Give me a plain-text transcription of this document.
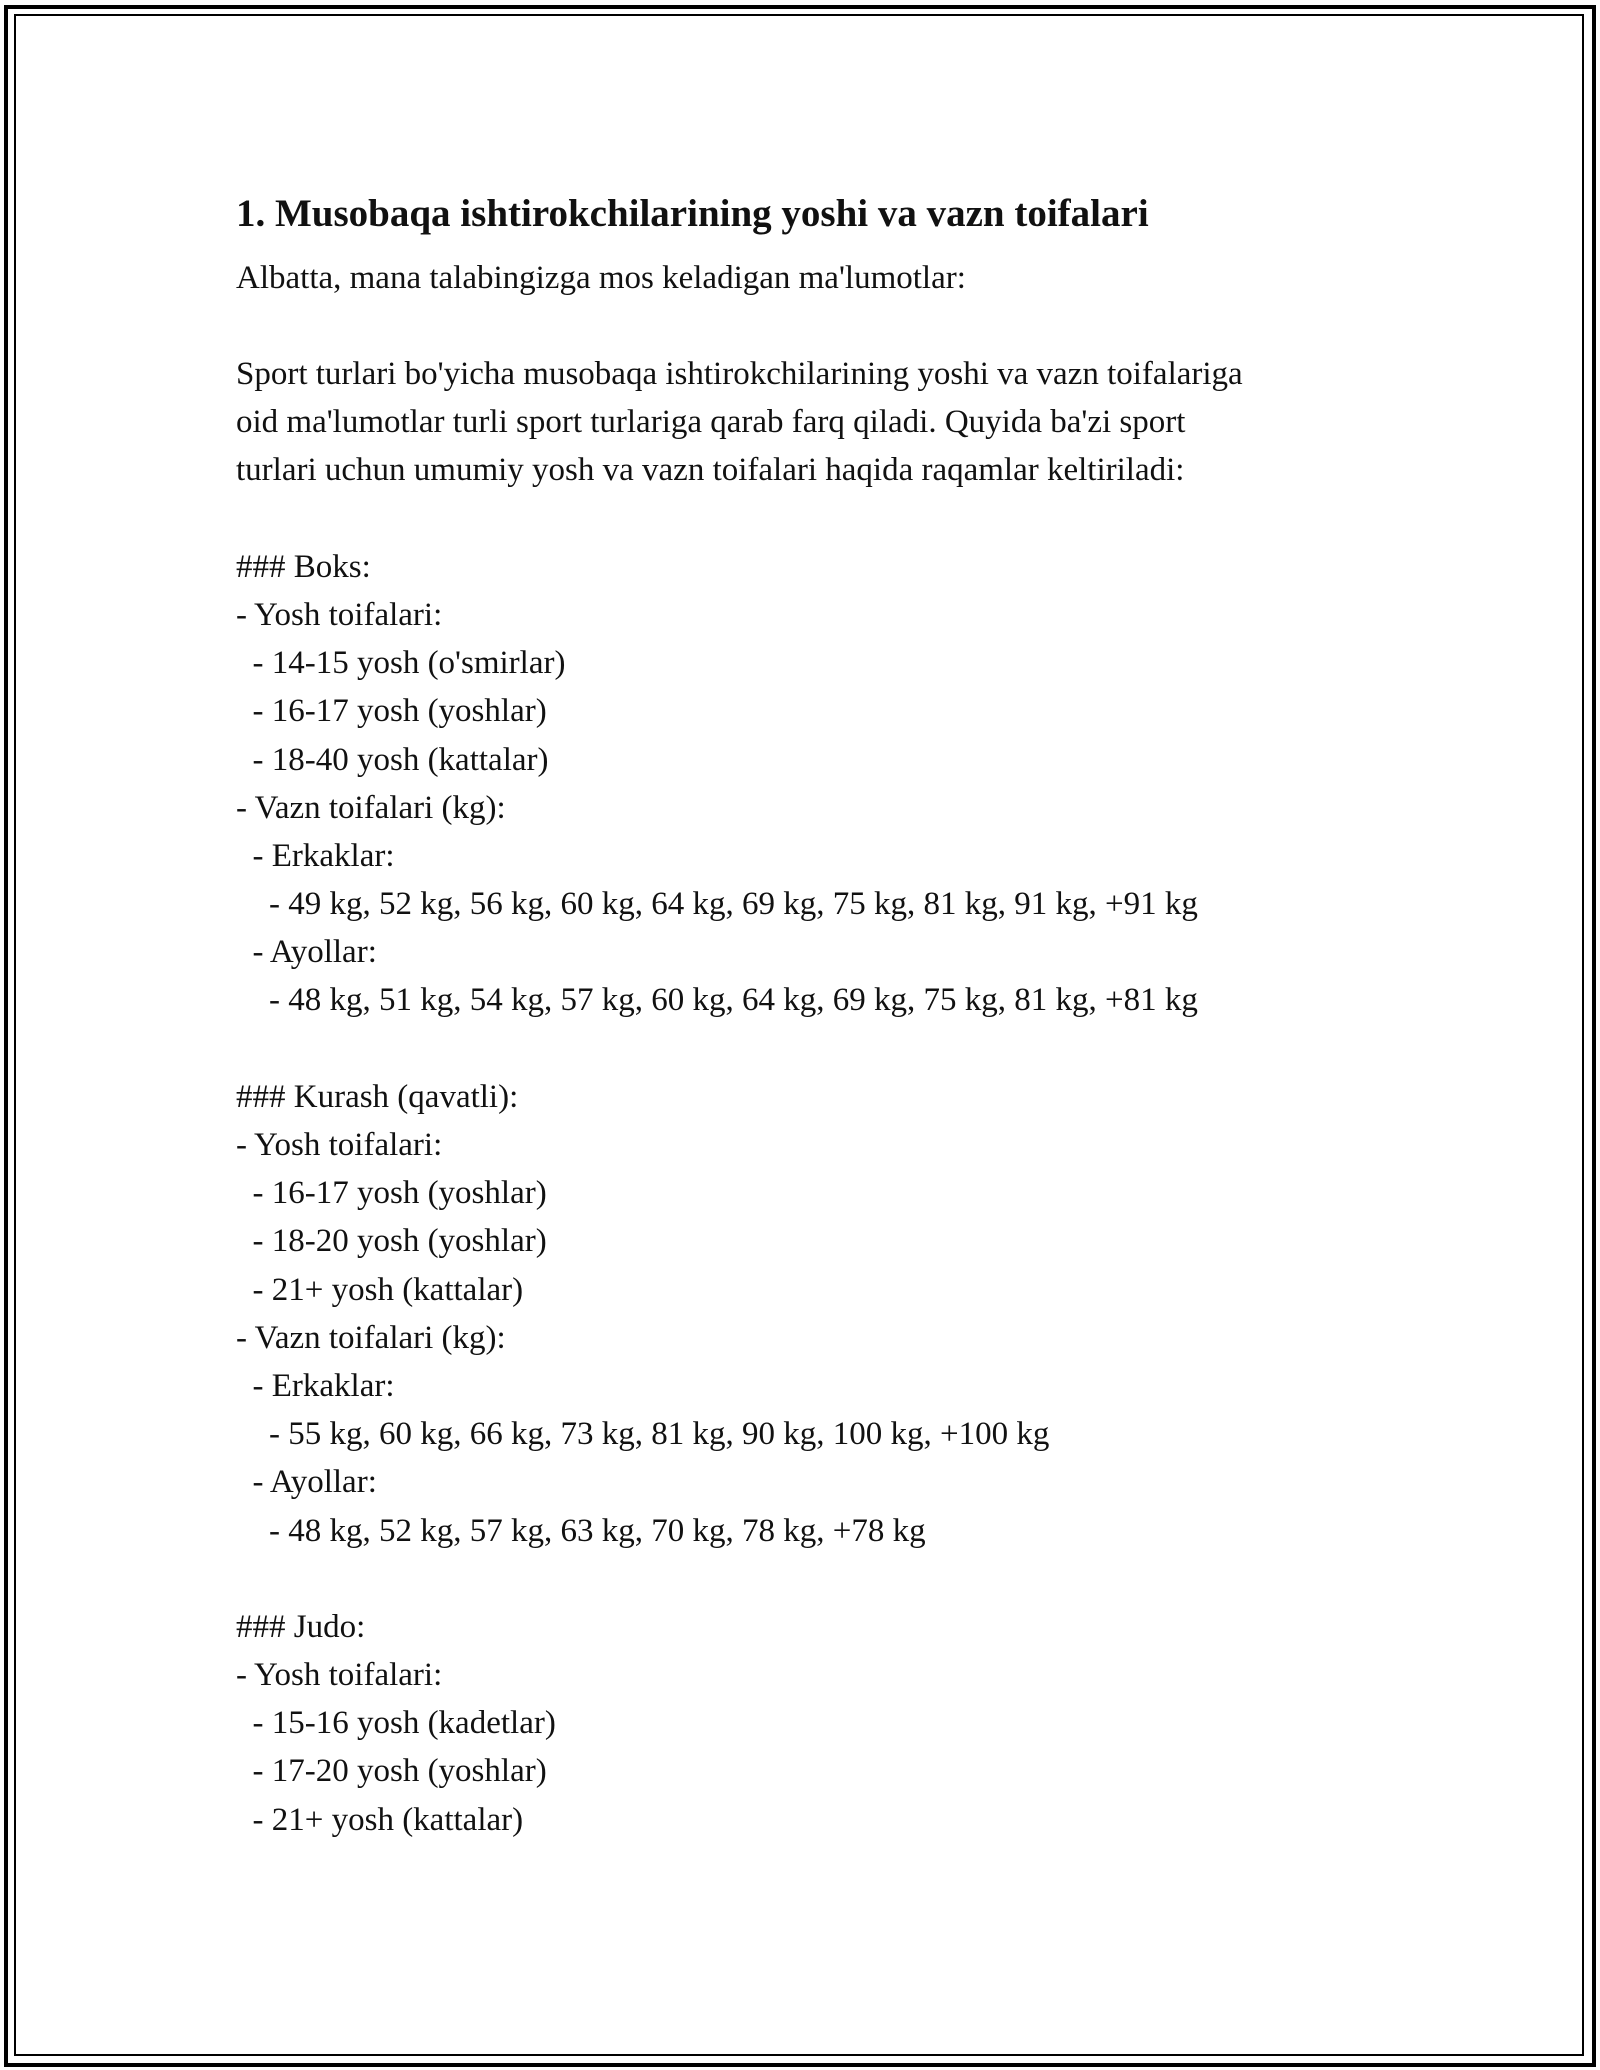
1. Musobaqa ishtirokchilarining yoshi va vazn toifalari

Albatta, mana talabingizga mos keladigan ma'lumotlar:

Sport turlari bo'yicha musobaqa ishtirokchilarining yoshi va vazn toifalariga
oid ma'lumotlar turli sport turlariga qarab farq qiladi. Quyida ba'zi sport
turlari uchun umumiy yosh va vazn toifalari haqida raqamlar keltiriladi:
### Boks:
- Yosh toifalari:
- 14-15 yosh (o'smirlar)
- 16-17 yosh (yoshlar)
- 18-40 yosh (kattalar)
- Vazn toifalari (kg):
- Erkaklar:
- 49 kg, 52 kg, 56 kg, 60 kg, 64 kg, 69 kg, 75 kg, 81 kg, 91 kg, +91 kg
- Ayollar:
- 48 kg, 51 kg, 54 kg, 57 kg, 60 kg, 64 kg, 69 kg, 75 kg, 81 kg, +81 kg
### Kurash (qavatli):
- Yosh toifalari:
- 16-17 yosh (yoshlar)
- 18-20 yosh (yoshlar)
- 21+ yosh (kattalar)
- Vazn toifalari (kg):
- Erkaklar:
- 55 kg, 60 kg, 66 kg, 73 kg, 81 kg, 90 kg, 100 kg, +100 kg
- Ayollar:
- 48 kg, 52 kg, 57 kg, 63 kg, 70 kg, 78 kg, +78 kg
### Judo:
- Yosh toifalari:
- 15-16 yosh (kadetlar)
- 17-20 yosh (yoshlar)
- 21+ yosh (kattalar)
